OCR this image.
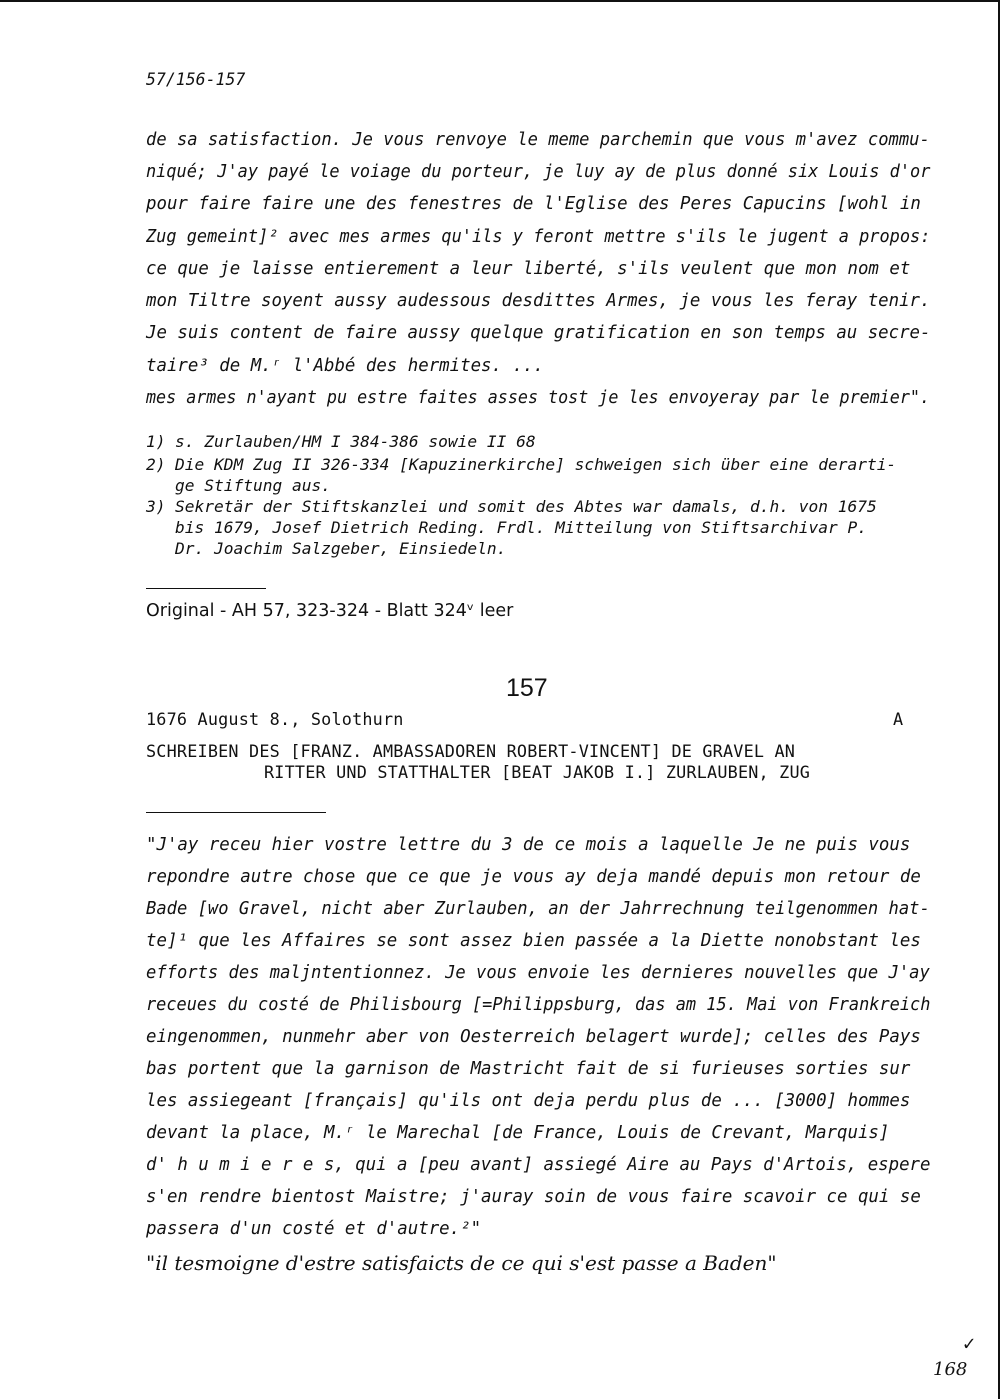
57/156-157
de sa satisfaction. Je vous renvoye le meme parchemin que vous m'avez commu-
niqué; J'ay payé le voiage du porteur, je luy ay de plus donné six Louis d'or
pour faire faire une des fenestres de l'Eglise des Peres Capucins [wohl in
Zug gemeint]² avec mes armes qu'ils y feront mettre s'ils le jugent a propos:
ce que je laisse entierement a leur liberté, s'ils veulent que mon nom et
mon Tiltre soyent aussy audessous desdittes Armes, je vous les feray tenir.
Je suis content de faire aussy quelque gratification en son temps au secre-
taire³ de M.ʳ l'Abbé des hermites. ...
mes armes n'ayant pu estre faites asses tost je les envoyeray par le premier".
1) s. Zurlauben/HM I 384-386 sowie II 68
2) Die KDM Zug II 326-334 [Kapuzinerkirche] schweigen sich über eine derarti-
ge Stiftung aus.
3) Sekretär der Stiftskanzlei und somit des Abtes war damals, d.h. von 1675
bis 1679, Josef Dietrich Reding. Frdl. Mitteilung von Stiftsarchivar P.
Dr. Joachim Salzgeber, Einsiedeln.
Original - AH 57, 323-324 - Blatt 324ᵛ leer
157
1676 August 8., Solothurn	A
SCHREIBEN DES [FRANZ. AMBASSADOREN ROBERT-VINCENT] DE GRAVEL AN
RITTER UND STATTHALTER [BEAT JAKOB I.] ZURLAUBEN, ZUG
"J'ay receu hier vostre lettre du 3 de ce mois a laquelle Je ne puis vous
repondre autre chose que ce que je vous ay deja mandé depuis mon retour de
Bade [wo Gravel, nicht aber Zurlauben, an der Jahrrechnung teilgenommen hat-
te]¹ que les Affaires se sont assez bien passée a la Diette nonobstant les
efforts des malјntentionnez. Je vous envoie les dernieres nouvelles que J'ay
receues du costé de Philisbourg [=Philippsburg, das am 15. Mai von Frankreich
eingenommen, nunmehr aber von Oesterreich belagert wurde]; celles des Pays
bas portent que la garnison de Mastricht fait de si furieuses sorties sur
les assiegeant [français] qu'ils ont deja perdu plus de ... [3000] hommes
devant la place, M.ʳ le Marechal [de France, Louis de Crevant, Marquis]
d' h u m i e r e s, qui a [peu avant] assiegé Aire au Pays d'Artois, espere
s'en rendre bientost Maistre; j'auray soin de vous faire scavoir ce qui se
passera d'un costé et d'autre.²"
"il tesmoigne d'estre satisfaicts de ce qui s'est passe a Baden"
✓
168
